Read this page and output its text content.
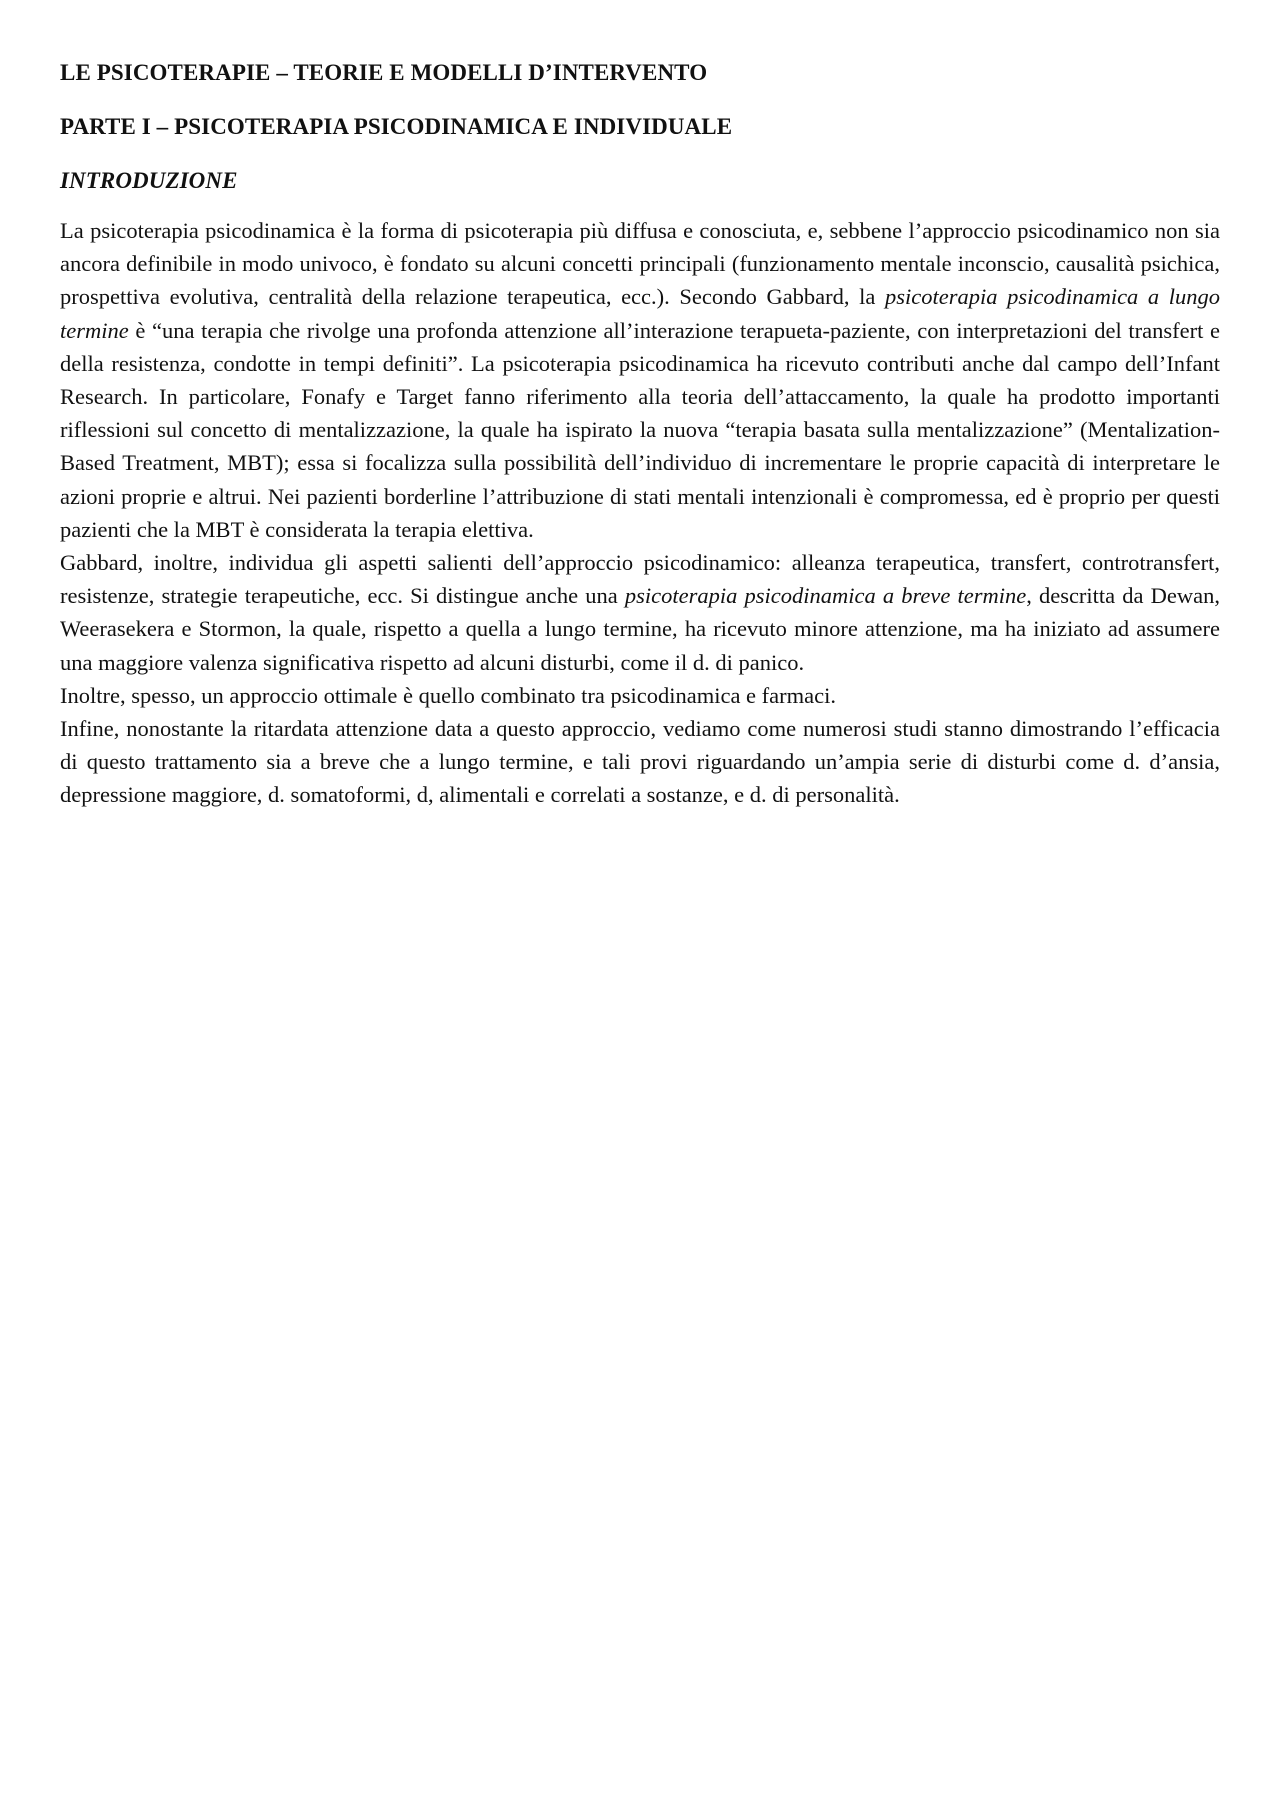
LE PSICOTERAPIE – TEORIE E MODELLI D’INTERVENTO
PARTE I – PSICOTERAPIA PSICODINAMICA E INDIVIDUALE
INTRODUZIONE

La psicoterapia psicodinamica è la forma di psicoterapia più diffusa e conosciuta, e, sebbene l’approccio psicodinamico non sia ancora definibile in modo univoco, è fondato su alcuni concetti principali (funzionamento mentale inconscio, causalità psichica, prospettiva evolutiva, centralità della relazione terapeutica, ecc.). Secondo Gabbard, la psicoterapia psicodinamica a lungo termine è “una terapia che rivolge una profonda attenzione all’interazione terapueta-paziente, con interpretazioni del transfert e della resistenza, condotte in tempi definiti”. La psicoterapia psicodinamica ha ricevuto contributi anche dal campo dell’Infant Research. In particolare, Fonafy e Target fanno riferimento alla teoria dell’attaccamento, la quale ha prodotto importanti riflessioni sul concetto di mentalizzazione, la quale ha ispirato la nuova “terapia basata sulla mentalizzazione” (Mentalization-Based Treatment, MBT); essa si focalizza sulla possibilità dell’individuo di incrementare le proprie capacità di interpretare le azioni proprie e altrui. Nei pazienti borderline l’attribuzione di stati mentali intenzionali è compromessa, ed è proprio per questi pazienti che la MBT è considerata la terapia elettiva.

Gabbard, inoltre, individua gli aspetti salienti dell’approccio psicodinamico: alleanza terapeutica, transfert, controtransfert, resistenze, strategie terapeutiche, ecc. Si distingue anche una psicoterapia psicodinamica a breve termine, descritta da Dewan, Weerasekera e Stormon, la quale, rispetto a quella a lungo termine, ha ricevuto minore attenzione, ma ha iniziato ad assumere una maggiore valenza significativa rispetto ad alcuni disturbi, come il d. di panico.

Inoltre, spesso, un approccio ottimale è quello combinato tra psicodinamica e farmaci.

Infine, nonostante la ritardata attenzione data a questo approccio, vediamo come numerosi studi stanno dimostrando l’efficacia di questo trattamento sia a breve che a lungo termine, e tali provi riguardando un’ampia serie di disturbi come d. d’ansia, depressione maggiore, d. somatoformi, d, alimentali e correlati a sostanze, e d. di personalità.
